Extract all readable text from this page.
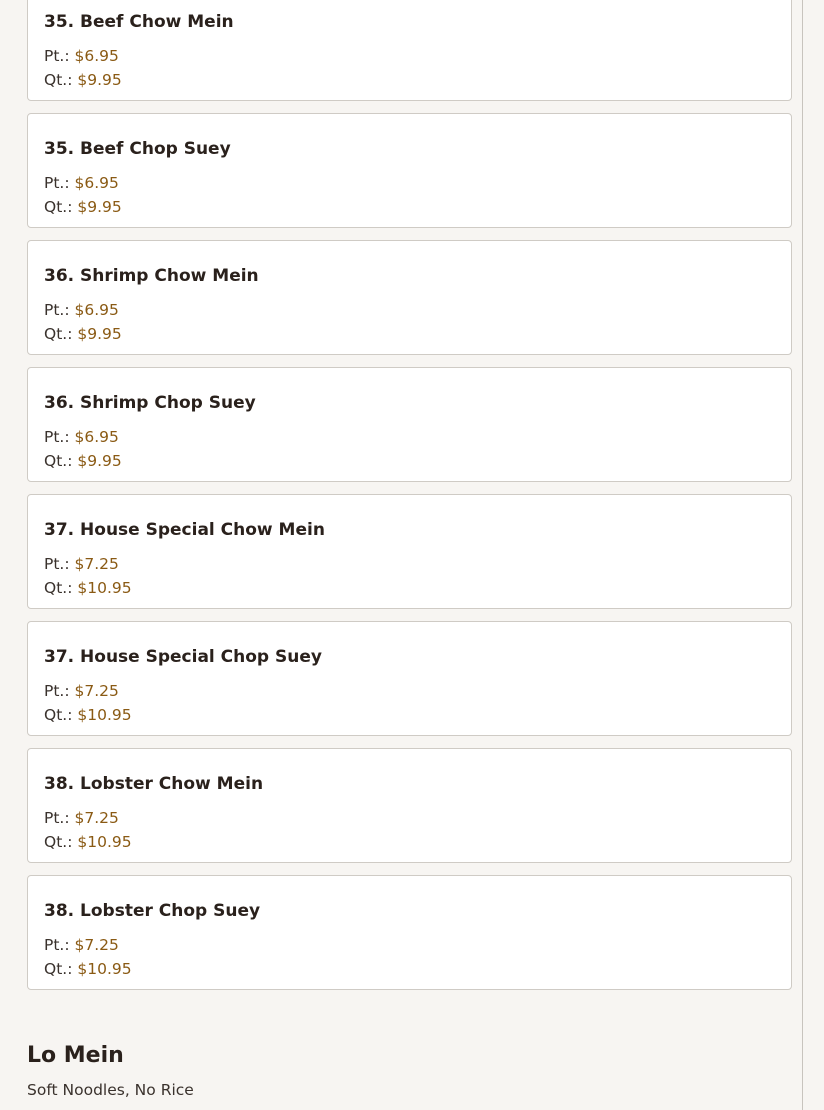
35. Beef Chow Mein
Pt.: $6.95
Qt.: $9.95
35. Beef Chop Suey
Pt.: $6.95
Qt.: $9.95
36. Shrimp Chow Mein
Pt.: $6.95
Qt.: $9.95
36. Shrimp Chop Suey
Pt.: $6.95
Qt.: $9.95
37. House Special Chow Mein
Pt.: $7.25
Qt.: $10.95
37. House Special Chop Suey
Pt.: $7.25
Qt.: $10.95
38. Lobster Chow Mein
Pt.: $7.25
Qt.: $10.95
38. Lobster Chop Suey
Pt.: $7.25
Qt.: $10.95
Lo Mein
Soft Noodles, No Rice
